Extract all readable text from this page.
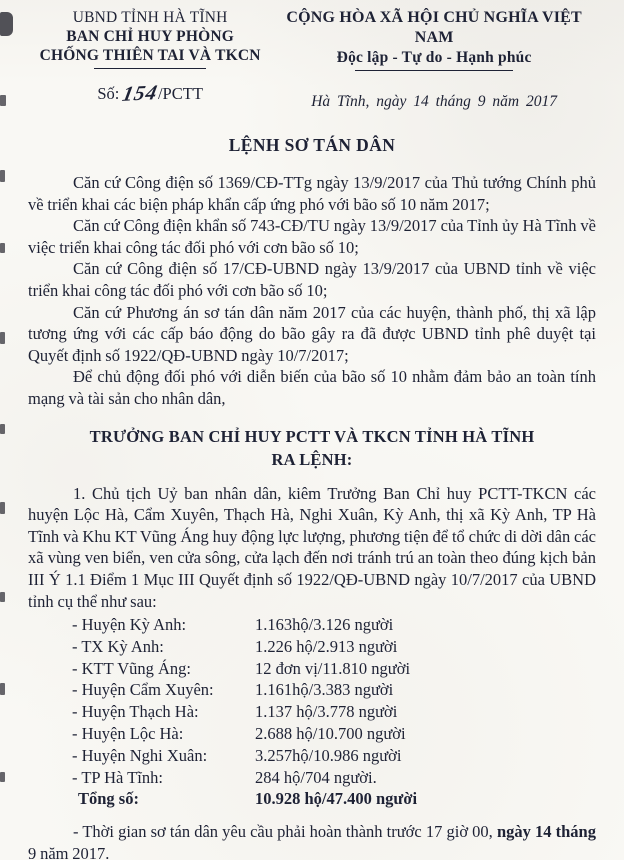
UBND TỈNH HÀ TĨNH
BAN CHỈ HUY PHÒNG
CHỐNG THIÊN TAI VÀ TKCN
Số: 154/PCTT
CỘNG HÒA XÃ HỘI CHỦ NGHĨA VIỆT NAM
Độc lập - Tự do - Hạnh phúc
Hà Tĩnh, ngày 14 tháng 9 năm 2017
LỆNH SƠ TÁN DÂN

Căn cứ Công điện số 1369/CĐ-TTg ngày 13/9/2017 của Thủ tướng Chính phủ về triển khai các biện pháp khẩn cấp ứng phó với bão số 10 năm 2017;

Căn cứ Công điện khẩn số 743-CĐ/TU ngày 13/9/2017 của Tỉnh ủy Hà Tĩnh về việc triển khai công tác đối phó với cơn bão số 10;

Căn cứ Công điện số 17/CĐ-UBND ngày 13/9/2017 của UBND tỉnh về việc triển khai công tác đối phó với cơn bão số 10;

Căn cứ Phương án sơ tán dân năm 2017 của các huyện, thành phố, thị xã lập tương ứng với các cấp báo động do bão gây ra đã được UBND tỉnh phê duyệt tại Quyết định số 1922/QĐ-UBND ngày 10/7/2017;

Để chủ động đối phó với diễn biến của bão số 10 nhằm đảm bảo an toàn tính mạng và tài sản cho nhân dân,

TRƯỞNG BAN CHỈ HUY PCTT VÀ TKCN TỈNH HÀ TĨNH
RA LỆNH:

1. Chủ tịch Uỷ ban nhân dân, kiêm Trưởng Ban Chỉ huy PCTT-TKCN các huyện Lộc Hà, Cẩm Xuyên, Thạch Hà, Nghi Xuân, Kỳ Anh, thị xã Kỳ Anh, TP Hà Tĩnh và Khu KT Vũng Áng huy động lực lượng, phương tiện để tổ chức di dời dân các xã vùng ven biển, ven cửa sông, cửa lạch đến nơi tránh trú an toàn theo đúng kịch bản III Ý 1.1 Điểm 1 Mục III Quyết định số 1922/QĐ-UBND ngày 10/7/2017 của UBND tỉnh cụ thể như sau:

- Huyện Kỳ Anh:	1.163hộ/3.126 người
- TX Kỳ Anh:	1.226 hộ/2.913 người
- KTT Vũng Áng:	12 đơn vị/11.810 người
- Huyện Cẩm Xuyên:	1.161hộ/3.383 người
- Huyện Thạch Hà:	1.137 hộ/3.778 người
- Huyện Lộc Hà:	2.688 hộ/10.700 người
- Huyện Nghi Xuân:	3.257hộ/10.986 người
- TP Hà Tĩnh:	284 hộ/704 người.
Tổng số:	10.928 hộ/47.400 người

- Thời gian sơ tán dân yêu cầu phải hoàn thành trước 17 giờ 00, ngày 14 tháng 9 năm 2017.
